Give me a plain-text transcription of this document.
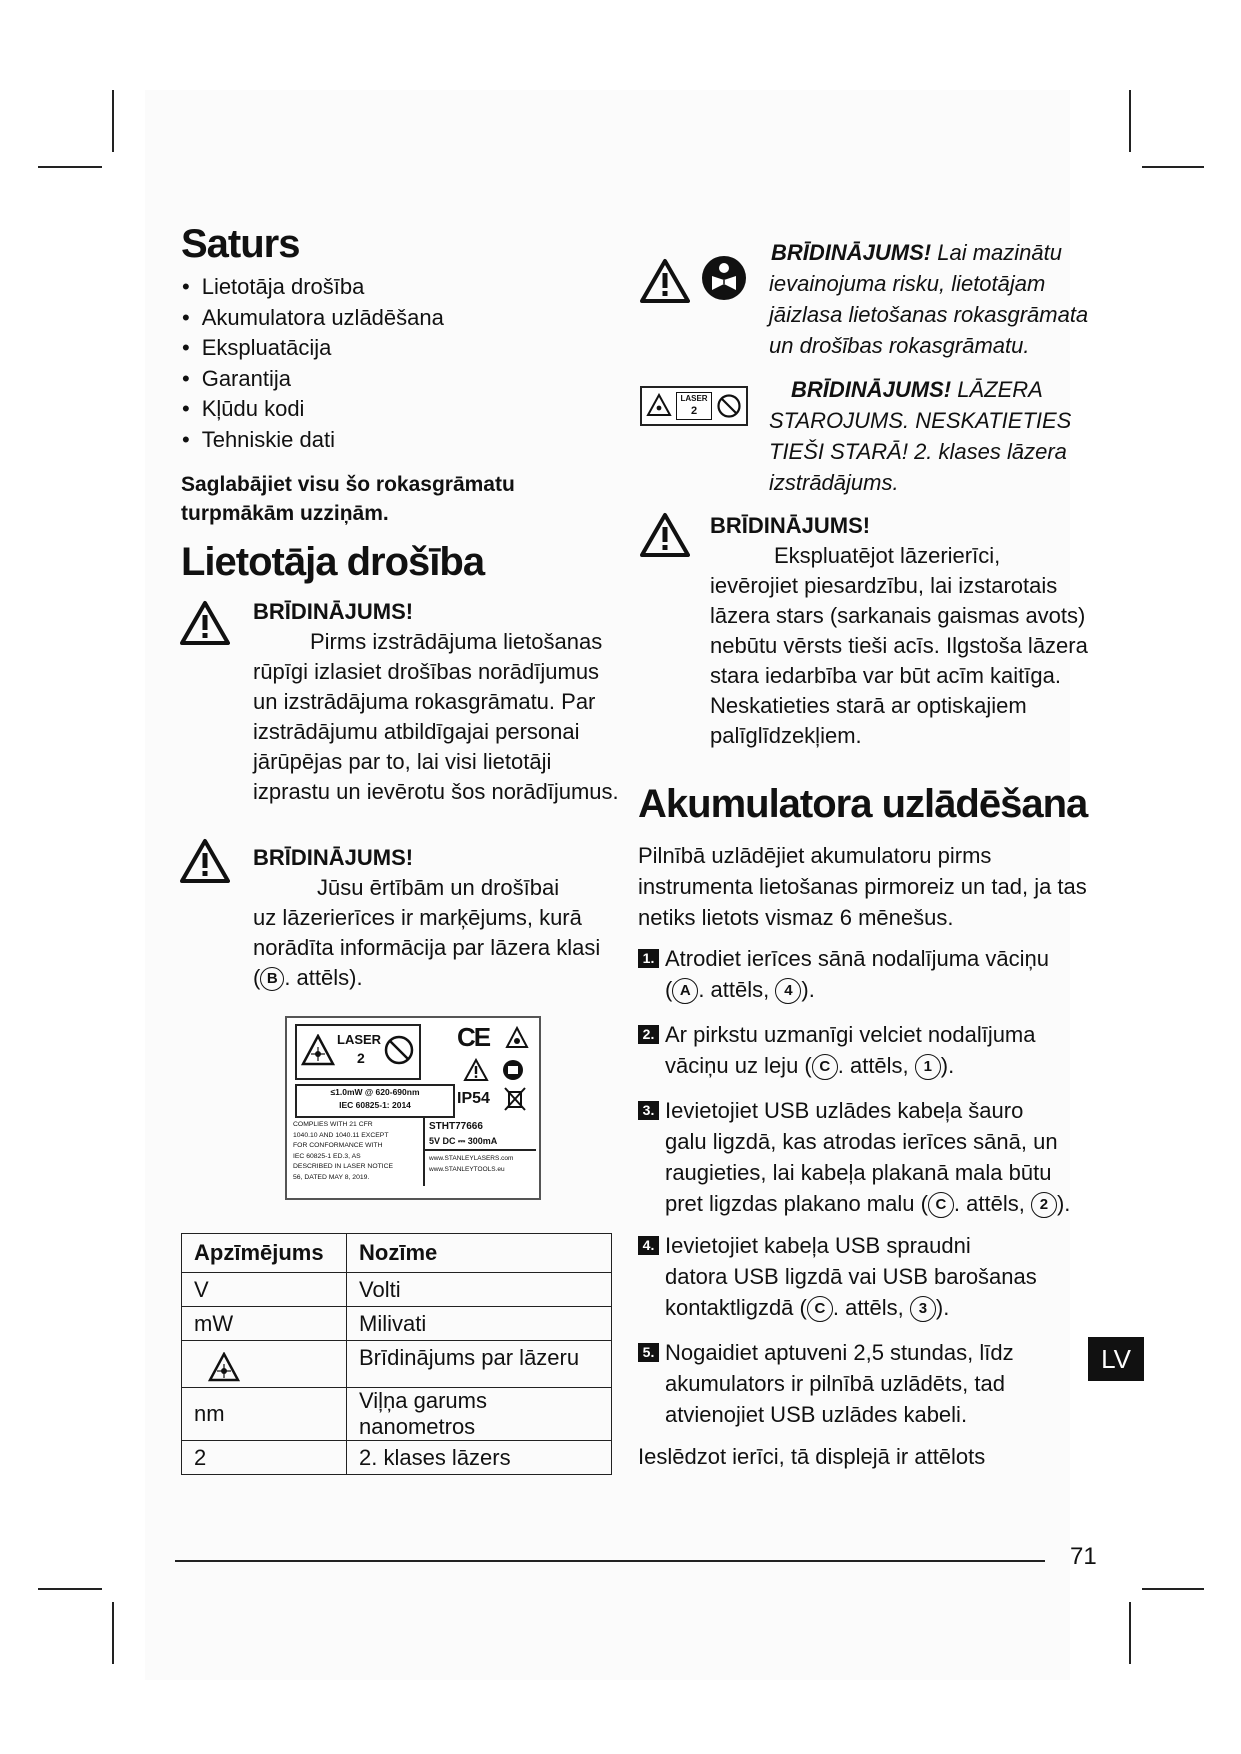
Saturs
• Lietotāja drošība
• Akumulatora uzlādēšana
• Ekspluatācija
• Garantija
• Kļūdu kodi
• Tehniskie dati
Saglabājiet visu šo rokasgrāmatu
turpmākām uzziņām.
Lietotāja drošība
BRĪDINĀJUMS!
Pirms izstrādājuma lietošanas
rūpīgi izlasiet drošības norādījumus
un izstrādājuma rokasgrāmatu. Par
izstrādājumu atbildīgajai personai
jārūpējas par to, lai visi lietotāji
izprastu un ievērotu šos norādījumus.
BRĪDINĀJUMS!
Jūsu ērtībām un drošībai
uz lāzerierīces ir marķējums, kurā
norādīta informācija par lāzera klasi
( B . attēls).
LASER
2
CE
≤1.0mW @ 620-690nm
IEC 60825-1: 2014	IP54
COMPLIES WITH 21 CFR
1040.10 AND 1040.11 EXCEPT
FOR CONFORMANCE WITH
IEC 60825-1 ED.3, AS
DESCRIBED IN LASER NOTICE
56, DATED MAY 8, 2019.
STHT77666
5V DC ⎓ 300mA
www.STANLEYLASERS.com
www.STANLEYTOOLS.eu
Apzīmējums	Nozīme
V	Volti
mW	Milivati

	Brīdinājums par lāzeru
nm	Viļņa garums nanometros
2	2. klases lāzers
BRĪDINĀJUMS! Lai mazinātu
ievainojuma risku, lietotājam
jāizlasa lietošanas rokasgrāmata
un drošības rokasgrāmatu.
LASER
2
BRĪDINĀJUMS! LĀZERA
STAROJUMS. NESKATIETIES
TIEŠI STARĀ! 2. klases lāzera
izstrādājums.
BRĪDINĀJUMS!
Ekspluatējot lāzerierīci,
ievērojiet piesardzību, lai izstarotais
lāzera stars (sarkanais gaismas avots)
nebūtu vērsts tieši acīs. Ilgstoša lāzera
stara iedarbība var būt acīm kaitīga.
Neskatieties starā ar optiskajiem
palīglīdzekļiem.
Akumulatora uzlādēšana
Pilnībā uzlādējiet akumulatoru pirms
instrumenta lietošanas pirmoreiz un tad, ja tas
netiks lietots vismaz 6 mēnešus.
1. Atrodiet ierīces sānā nodalījuma vāciņu
( A . attēls, 4 ).
2. Ar pirkstu uzmanīgi velciet nodalījuma
vāciņu uz leju ( C . attēls, 1 ).
3. Ievietojiet USB uzlādes kabeļa šauro
galu ligzdā, kas atrodas ierīces sānā, un
raugieties, lai kabeļa plakanā mala būtu
pret ligzdas plakano malu ( C . attēls, 2 ).
4. Ievietojiet kabeļa USB spraudni
datora USB ligzdā vai USB barošanas
kontaktligzdā ( C . attēls, 3 ).
5. Nogaidiet aptuveni 2,5 stundas, līdz
akumulators ir pilnībā uzlādēts, tad
atvienojiet USB uzlādes kabeli.
Ieslēdzot ierīci, tā displejā ir attēlots
LV
71
